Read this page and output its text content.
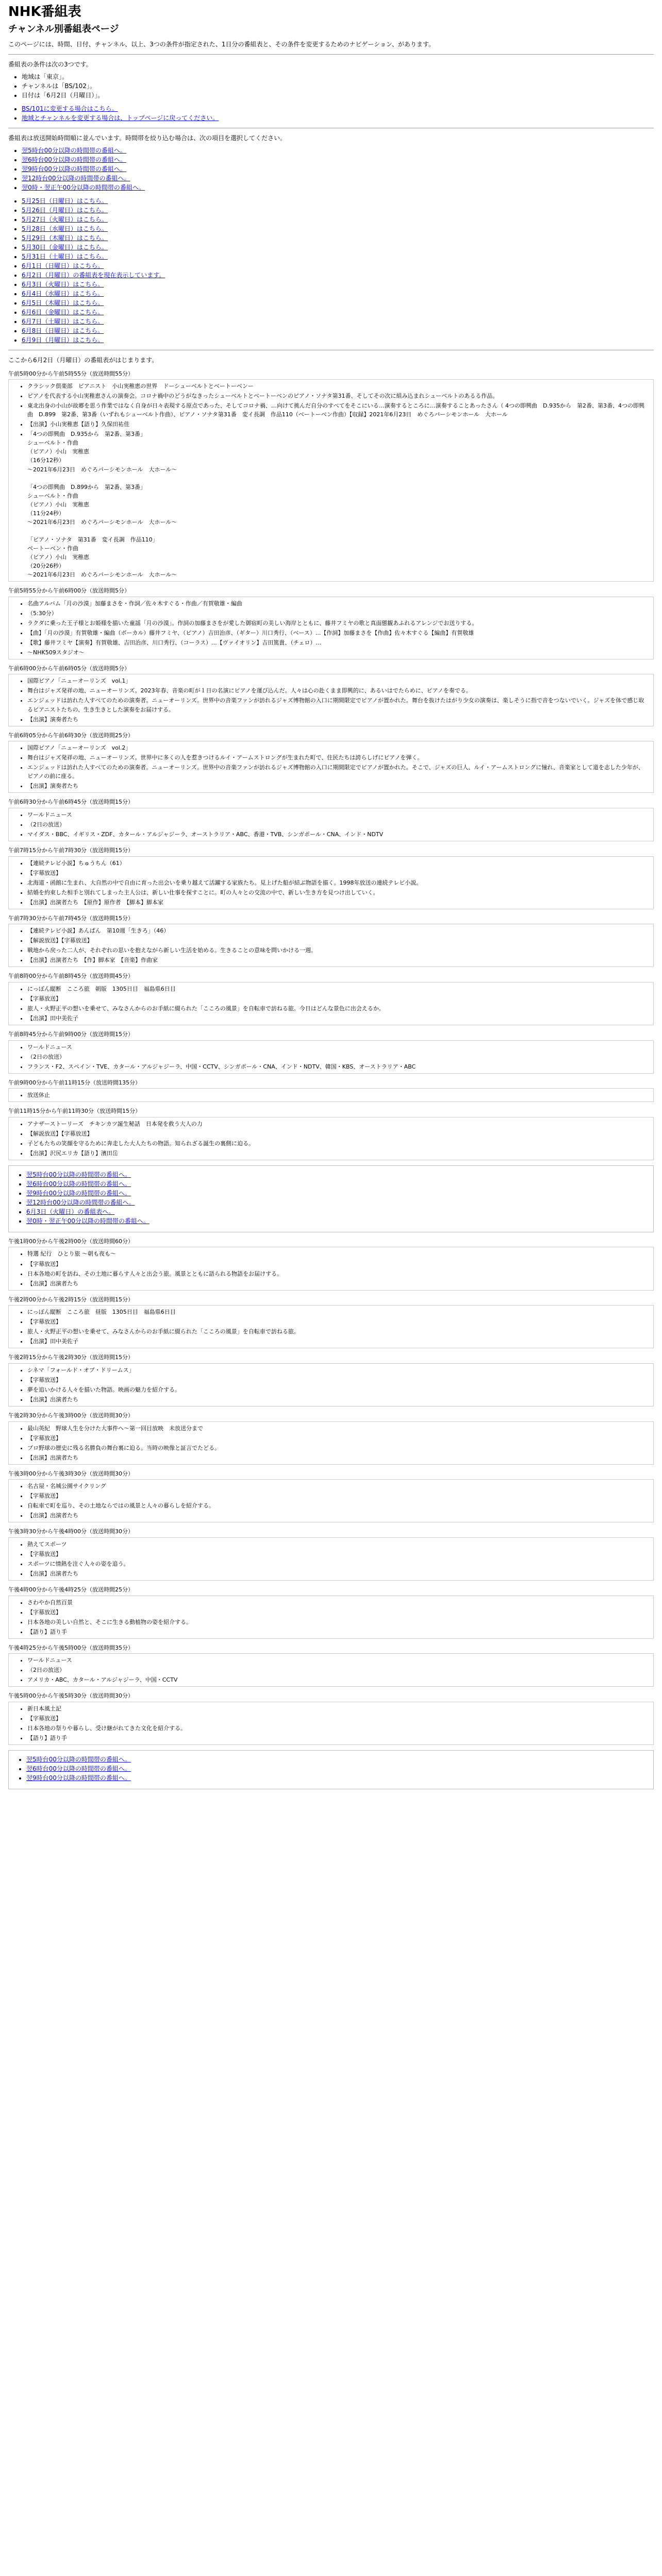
NHK番組表
チャンネル別番組表ページ

このページには、時間、日付、チャンネル、以上、3つの条件が指定された、1日分の番組表と、その条件を変更するためのナビゲーション、があります。

番組表の条件は次の3つです。

• 地域は「東京」。
• チャンネルは「BS/102」。
• 日付は「6月2日（月曜日）」。
• BS/101に変更する場合はこちら。
• 地域とチャンネルを変更する場合は、トップページに戻ってください。

番組表は放送開始時間順に並んでいます。時間帯を絞り込む場合は、次の項目を選択してください。

• 翌5時台00分以降の時間帯の番組へ。
• 翌6時台00分以降の時間帯の番組へ。
• 翌9時台00分以降の時間帯の番組へ。
• 翌12時台00分以降の時間帯の番組へ。
• 翌0時・翌正午00分以降の時間帯の番組へ。
• 5月25日（日曜日）はこちら。
• 5月26日（月曜日）はこちら。
• 5月27日（火曜日）はこちら。
• 5月28日（水曜日）はこちら。
• 5月29日（木曜日）はこちら。
• 5月30日（金曜日）はこちら。
• 5月31日（土曜日）はこちら。
• 6月1日（日曜日）はこちら。
• 6月2日（月曜日）の番組表を現在表示しています。
• 6月3日（火曜日）はこちら。
• 6月4日（水曜日）はこちら。
• 6月5日（木曜日）はこちら。
• 6月6日（金曜日）はこちら。
• 6月7日（土曜日）はこちら。
• 6月8日（日曜日）はこちら。
• 6月9日（月曜日）はこちら。

ここから6月2日（月曜日）の番組表がはじまります。

午前5時00分から午前5時55分（放送時間55分）

• クラシック倶楽部　ピアニスト　小山実稚恵の世界　ドーシューベルトとベートーベンー
• ピアノを代表する小山実稚恵さんの演奏会。コロナ禍中のどうがなきったシューベルトとベートーベンのピアノ・ソナタ第31番、そしてその次に組み込まれシューベルトのあるる作品。
• 東北出身の小山が故郷を思う作業ではなく自身が日々表現する原点であった、そしてコロナ禍、…向けて挑んだ自分のすべてをそこにいる…演奏するところに…演奏することあったさん（ 4つの即興曲　D.935から　第2番、第3番、4つの即興曲　D.899　第2番、第3番（いずれもシューベルト作曲）、ピアノ・ソナタ第31番　変イ長調　作品110（ベートーベン作曲）【収録】2021年6月23日　めぐろパーシモンホール　大ホール
• 【出演】小山実稚恵【語り】久保田祐佳
• 「4つの即興曲　D.935から　第2番、第3番」
シューベルト・作曲
（ピアノ）小山　実稚恵
（16分12秒）
～2021年6月23日　めぐろパーシモンホール　大ホール～

「4つの即興曲　D.899から　第2番、第3番」
シューベルト・作曲
（ピアノ）小山　実稚恵
（11分24秒）
～2021年6月23日　めぐろパーシモンホール　大ホール～

「ピアノ・ソナタ　第31番　変イ長調　作品110」
ベートーベン・作曲
（ピアノ）小山　実稚恵
（20分26秒）
～2021年6月23日　めぐろパーシモンホール　大ホール～

午前5時55分から午前6時00分（放送時間5分）

• 名曲アルバム「月の沙漠」加藤まさを・作詞／佐々木すぐる・作曲／有賀敬雄・編曲
• （5:30分）
• ラクダに乗った王子様とお姫様を描いた童謡「月の沙漠」。作詞の加藤まさをが愛した御宿町の美しい海岸とともに、藤井フミヤの歌と真面態観あふれるアレンジでお送りする。
• 【曲】「月の沙漠」有賀敬雄・編曲（ボーカル）藤井フミヤ、（ピアノ）吉田治彦、（ギター）川口秀行、（ベース）...【作詞】加藤まさを【作曲】佐々木すぐる【編曲】有賀敬雄
• 【歌】藤井フミヤ【演奏】有賀敬雄、吉田治彦、川口秀行、（コーラス）...【ヴァイオリン】吉田篤貴、（チェロ）...
• ～NHK509スタジオ～

午前6時00分から午前6時05分（放送時間5分）

• 国際ピアノ「ニューオーリンズ　vol.1」
• 舞台はジャズ発祥の地、ニューオーリンズ。2023年春、音楽の町が１日の名演にピアノを運び込んだ。人々は心の赴くまま即興的に、あるいはでたらめに、ピアノを奏でる。
• エンジェッドは訪れた人すべてのための演奏者。ニューオーリンズ。世界中の音楽ファンが訪れるジャズ博物館の入口に期間限定でピアノが置かれた。舞台を抜けたはがり少女の演奏は、楽しそうに指で音をつないでいく。ジャズを体で感じ取るピアニストたちの、生き生きとした演奏をお届けする。
• 【出演】演奏者たち

午前6時05分から午前6時30分（放送時間25分）

• 国際ピアノ「ニューオーリンズ　vol.2」
• 舞台はジャズ発祥の地、ニューオーリンズ。世界中に多くの人を惹きつけるルイ・アームストロングが生まれた町で、住民たちは誇らしげにピアノを弾く。
• エンジェッドは訪れた人すべてのための演奏者。ニューオーリンズ。世界中の音楽ファンが訪れるジャズ博物館の入口に期間限定でピアノが置かれた。そこで、ジャズの巨人、ルイ・アームストロングに憧れ、音楽家として道を志した少年が、ピアノの前に座る。
• 【出演】演奏者たち

午前6時30分から午前6時45分（放送時間15分）

• ワールドニュース
• （2日の放送）
• マイダス・BBC、イギリス・ZDF、カタール・アルジャジーラ、オーストラリア・ABC、香港・TVB、シンガポール・CNA、インド・NDTV

午前7時15分から午前7時30分（放送時間15分）

• 【連続テレビ小説】ちゅうちん（61）
• 【字幕放送】
• 北海道・函館に生まれ、大自然の中で自由に育った出会いを乗り越えて活躍する家族たち。見上げた船が結ぶ物語を描く。1998年放送の連続テレビ小説。
• 結婚を約束した相手と別れてしまった主人公は、新しい仕事を探すことに。町の人々との交流の中で、新しい生き方を見つけ出していく。
• 【出演】出演者たち　【原作】原作者　【脚本】脚本家

午前7時30分から午前7時45分（放送時間15分）

• 【連続テレビ小説】あんぱん　第10週「生きろ」（46）
• 【解説放送】【字幕放送】
• 戦地から戻った二人が、それぞれの思いを抱えながら新しい生活を始める。生きることの意味を問いかける一週。
• 【出演】出演者たち　【作】脚本家　【音楽】作曲家

午前8時00分から午前8時45分（放送時間45分）

• にっぽん縦断　こころ旅　朝版　1305日目　福島県6日目
• 【字幕放送】
• 旅人・火野正平の想いを乗せて、みなさんからのお手紙に綴られた「こころの風景」を自転車で訪ねる旅。今日はどんな景色に出会えるか。
• 【出演】田中美佐子

午前8時45分から午前9時00分（放送時間15分）

• ワールドニュース
• （2日の放送）
• フランス・F2、スペイン・TVE、カタール・アルジャジーラ、中国・CCTV、シンガポール・CNA、インド・NDTV、韓国・KBS、オーストラリア・ABC

午前9時00分から午前11時15分（放送時間135分）

• 放送休止

午前11時15分から午前11時30分（放送時間15分）

• アナザーストーリーズ　チキンカツ誕生秘話　日本発を救う大人の力
• 【解説放送】【字幕放送】
• 子どもたちの笑顔を守るために奔走した大人たちの物語。知られざる誕生の裏側に迫る。
• 【出演】沢尻エリカ【語り】濱田岳
• 翌5時台00分以降の時間帯の番組へ。
• 翌6時台00分以降の時間帯の番組へ。
• 翌9時台00分以降の時間帯の番組へ。
• 翌12時台00分以降の時間帯の番組へ。
• 6月3日（火曜日）の番組表へ。
• 翌0時・翌正午00分以降の時間帯の番組へ。

午後1時00分から午後2時00分（放送時間60分）

• 特選 紀行　ひとり旅 ～朝も夜も～
• 【字幕放送】
• 日本各地の町を訪ね、その土地に暮らす人々と出会う旅。風景とともに語られる物語をお届けする。
• 【出演】出演者たち

午後2時00分から午後2時15分（放送時間15分）

• にっぽん縦断　こころ旅　昼版　1305日目　福島県6日目
• 【字幕放送】
• 旅人・火野正平の想いを乗せて、みなさんからのお手紙に綴られた「こころの風景」を自転車で訪ねる旅。
• 【出演】田中美佐子

午後2時15分から午後2時30分（放送時間15分）

• シネマ「フォールド・オブ・ドリームス」
• 【字幕放送】
• 夢を追いかける人々を描いた物語。映画の魅力を紹介する。
• 【出演】出演者たち

午後2時30分から午後3時00分（放送時間30分）

• 最山英紀　野球人生を分けた大事件ヘ～第一回目放映　未放送分まで
• 【字幕放送】
• プロ野球の歴史に残る名勝負の舞台裏に迫る。当時の映像と証言でたどる。
• 【出演】出演者たち

午後3時00分から午後3時30分（放送時間30分）

• 名古屋・名城公園サイクリング
• 【字幕放送】
• 自転車で町を巡り、その土地ならではの風景と人々の暮らしを紹介する。
• 【出演】出演者たち

午後3時30分から午後4時00分（放送時間30分）

• 熱えてスポーツ
• 【字幕放送】
• スポーツに情熱を注ぐ人々の姿を追う。
• 【出演】出演者たち

午後4時00分から午後4時25分（放送時間25分）

• さわやか自然百景
• 【字幕放送】
• 日本各地の美しい自然と、そこに生きる動植物の姿を紹介する。
• 【語り】語り手

午後4時25分から午後5時00分（放送時間35分）

• ワールドニュース
• （2日の放送）
• アメリカ・ABC、カタール・アルジャジーラ、中国・CCTV

午後5時00分から午後5時30分（放送時間30分）

• 新日本風土記
• 【字幕放送】
• 日本各地の祭りや暮らし、受け継がれてきた文化を紹介する。
• 【語り】語り手
• 翌5時台00分以降の時間帯の番組へ。
• 翌6時台00分以降の時間帯の番組へ。
• 翌9時台00分以降の時間帯の番組へ。
